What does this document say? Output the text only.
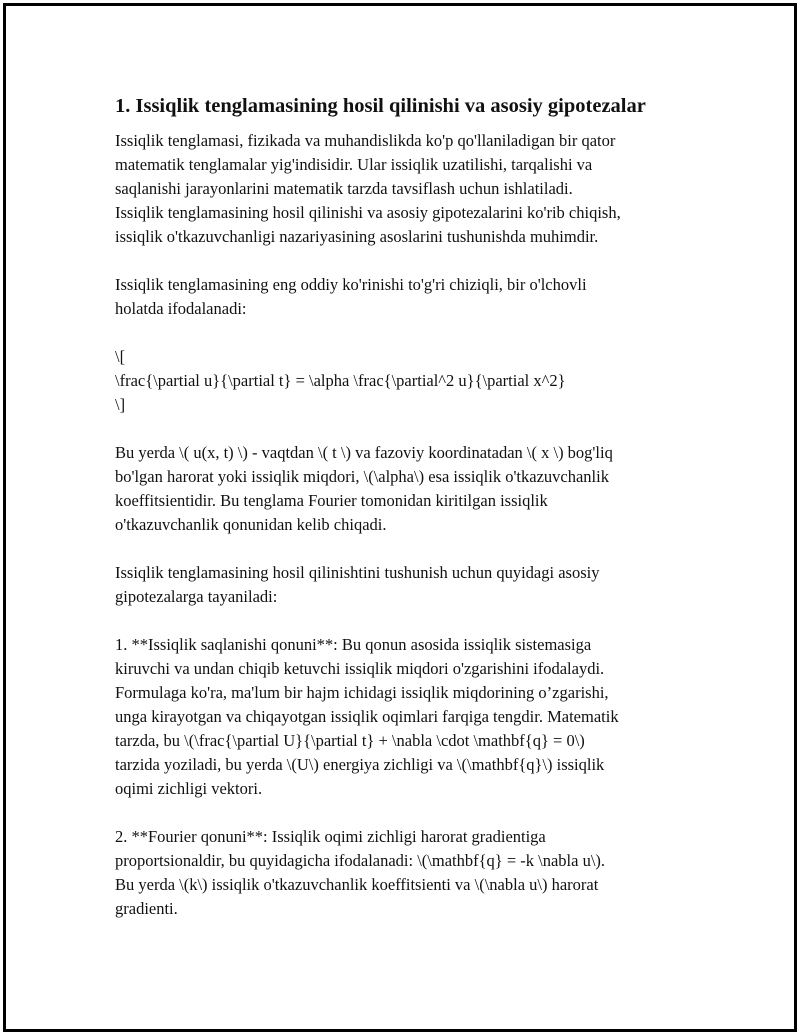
1. Issiqlik tenglamasining hosil qilinishi va asosiy gipotezalar

Issiqlik tenglamasi, fizikada va muhandislikda ko'p qo'llaniladigan bir qator
matematik tenglamalar yig'indisidir. Ular issiqlik uzatilishi, tarqalishi va
saqlanishi jarayonlarini matematik tarzda tavsiflash uchun ishlatiladi.
Issiqlik tenglamasining hosil qilinishi va asosiy gipotezalarini ko'rib chiqish,
issiqlik o'tkazuvchanligi nazariyasining asoslarini tushunishda muhimdir.

Issiqlik tenglamasining eng oddiy ko'rinishi to'g'ri chiziqli, bir o'lchovli
holatda ifodalanadi:

\[
\frac{\partial u}{\partial t} = \alpha \frac{\partial^2 u}{\partial x^2}
\]

Bu yerda \( u(x, t) \) - vaqtdan \( t \) va fazoviy koordinatadan \( x \) bog'liq
bo'lgan harorat yoki issiqlik miqdori, \(\alpha\) esa issiqlik o'tkazuvchanlik
koeffitsientidir. Bu tenglama Fourier tomonidan kiritilgan issiqlik
o'tkazuvchanlik qonunidan kelib chiqadi.

Issiqlik tenglamasining hosil qilinishtini tushunish uchun quyidagi asosiy
gipotezalarga tayaniladi:

1. **Issiqlik saqlanishi qonuni**: Bu qonun asosida issiqlik sistemasiga
kiruvchi va undan chiqib ketuvchi issiqlik miqdori o'zgarishini ifodalaydi.
Formulaga ko'ra, ma'lum bir hajm ichidagi issiqlik miqdorining o’zgarishi,
unga kirayotgan va chiqayotgan issiqlik oqimlari farqiga tengdir. Matematik
tarzda, bu \(\frac{\partial U}{\partial t} + \nabla \cdot \mathbf{q} = 0\)
tarzida yoziladi, bu yerda \(U\) energiya zichligi va \(\mathbf{q}\) issiqlik
oqimi zichligi vektori.

2. **Fourier qonuni**: Issiqlik oqimi zichligi harorat gradientiga
proportsionaldir, bu quyidagicha ifodalanadi: \(\mathbf{q} = -k \nabla u\).
Bu yerda \(k\) issiqlik o'tkazuvchanlik koeffitsienti va \(\nabla u\) harorat
gradienti.
